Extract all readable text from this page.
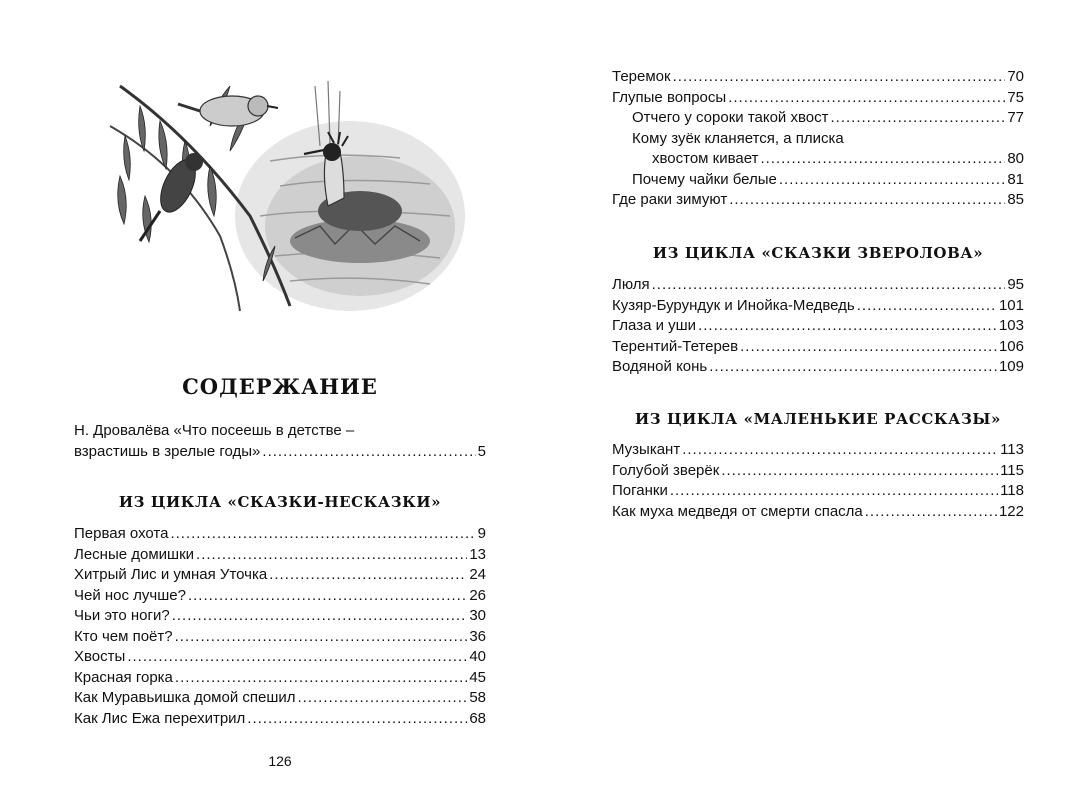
СОДЕРЖАНИЕ
Н. Дровалёва «Что посеешь в детстве –
взрастишь в зрелые годы» .....	5
ИЗ ЦИКЛА «СКАЗКИ-НЕСКАЗКИ»
Первая охота .....	9
Лесные домишки .....	13
Хитрый Лис и умная Уточка .....	24
Чей нос лучше? .....	26
Чьи это ноги? .....	30
Кто чем поёт? .....	36
Хвосты .....	40
Красная горка .....	45
Как Муравьишка домой спешил .....	58
Как Лис Ежа перехитрил .....	68
126
Теремок .....	70
Глупые вопросы .....	75
Отчего у сороки такой хвост .....	77
Кому зуёк кланяется, а плиска
хвостом кивает .....	80
Почему чайки белые .....	81
Где раки зимуют .....	85
ИЗ ЦИКЛА «СКАЗКИ ЗВЕРОЛОВА»
Люля .....	95
Кузяр-Бурундук и Инойка-Медведь .....	101
Глаза и уши .....	103
Терентий-Тетерев .....	106
Водяной конь .....	109
ИЗ ЦИКЛА «МАЛЕНЬКИЕ РАССКАЗЫ»
Музыкант .....	113
Голубой зверёк .....	115
Поганки .....	118
Как муха медведя от смерти спасла .....	122
